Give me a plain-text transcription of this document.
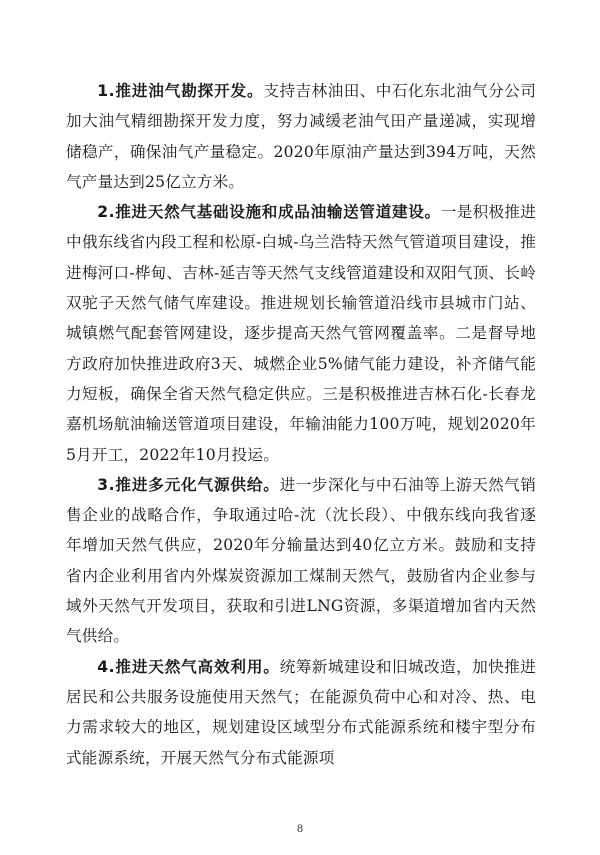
1.推进油气勘探开发。支持吉林油田、中石化东北油气分公司加大油气精细勘探开发力度，努力减缓老油气田产量递减，实现增储稳产，确保油气产量稳定。2020年原油产量达到394万吨，天然气产量达到25亿立方米。

2.推进天然气基础设施和成品油输送管道建设。一是积极推进中俄东线省内段工程和松原-白城-乌兰浩特天然气管道项目建设，推进梅河口-桦甸、吉林-延吉等天然气支线管道建设和双阳气顶、长岭双驼子天然气储气库建设。推进规划长输管道沿线市县城市门站、城镇燃气配套管网建设，逐步提高天然气管网覆盖率。二是督导地方政府加快推进政府3天、城燃企业5%储气能力建设，补齐储气能力短板，确保全省天然气稳定供应。三是积极推进吉林石化-长春龙嘉机场航油输送管道项目建设，年输油能力100万吨，规划2020年5月开工，2022年10月投运。

3.推进多元化气源供给。进一步深化与中石油等上游天然气销售企业的战略合作，争取通过哈-沈（沈长段）、中俄东线向我省逐年增加天然气供应，2020年分输量达到40亿立方米。鼓励和支持省内企业利用省内外煤炭资源加工煤制天然气，鼓励省内企业参与域外天然气开发项目，获取和引进LNG资源，多渠道增加省内天然气供给。

4.推进天然气高效利用。统筹新城建设和旧城改造，加快推进居民和公共服务设施使用天然气；在能源负荷中心和对冷、热、电力需求较大的地区，规划建设区域型分布式能源系统和楼宇型分布式能源系统，开展天然气分布式能源项

8
